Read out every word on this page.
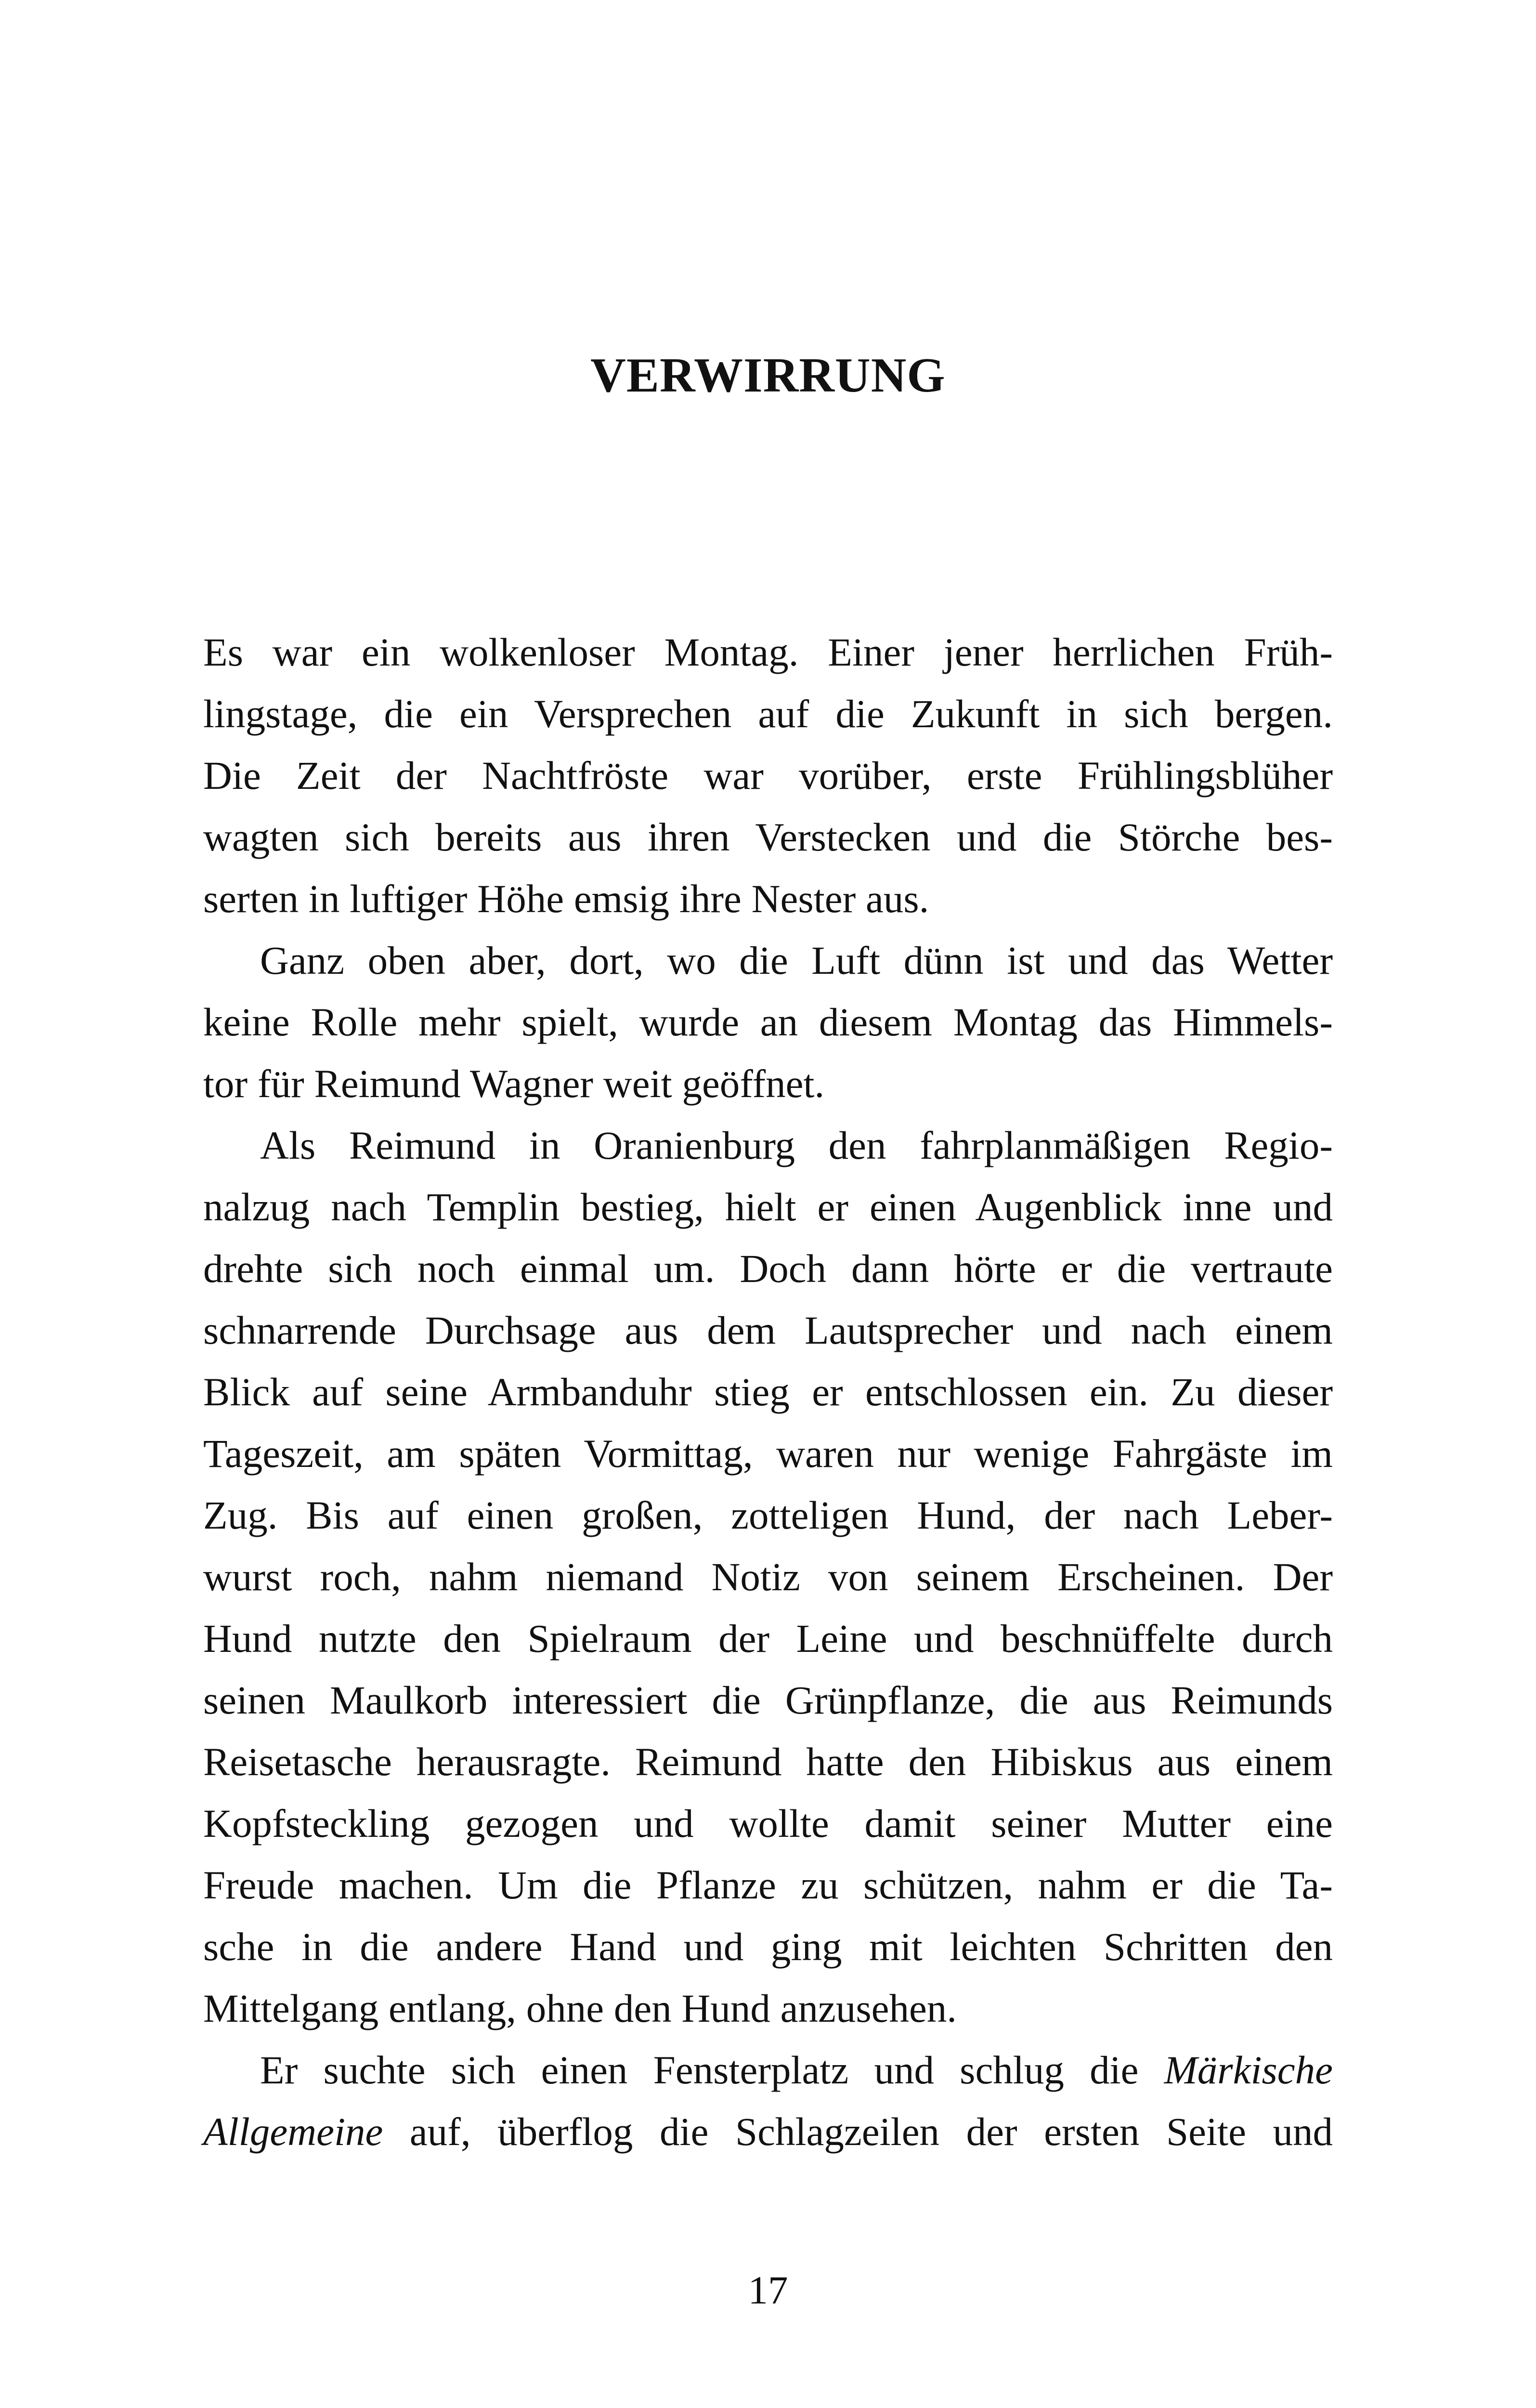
VERWIRRUNG
Es war ein wolkenloser Montag. Einer jener herrlichen Früh-
lingstage, die ein Versprechen auf die Zukunft in sich bergen.
Die Zeit der Nachtfröste war vorüber, erste Frühlingsblüher
wagten sich bereits aus ihren Verstecken und die Störche bes-
serten in luftiger Höhe emsig ihre Nester aus.
Ganz oben aber, dort, wo die Luft dünn ist und das Wetter
keine Rolle mehr spielt, wurde an diesem Montag das Himmels-
tor für Reimund Wagner weit geöffnet.
Als Reimund in Oranienburg den fahrplanmäßigen Regio-
nalzug nach Templin bestieg, hielt er einen Augenblick inne und
drehte sich noch einmal um. Doch dann hörte er die vertraute
schnarrende Durchsage aus dem Lautsprecher und nach einem
Blick auf seine Armbanduhr stieg er entschlossen ein. Zu dieser
Tageszeit, am späten Vormittag, waren nur wenige Fahrgäste im
Zug. Bis auf einen großen, zotteligen Hund, der nach Leber-
wurst roch, nahm niemand Notiz von seinem Erscheinen. Der
Hund nutzte den Spielraum der Leine und beschnüffelte durch
seinen Maulkorb interessiert die Grünpflanze, die aus Reimunds
Reisetasche herausragte. Reimund hatte den Hibiskus aus einem
Kopfsteckling gezogen und wollte damit seiner Mutter eine
Freude machen. Um die Pflanze zu schützen, nahm er die Ta-
sche in die andere Hand und ging mit leichten Schritten den
Mittelgang entlang, ohne den Hund anzusehen.
Er suchte sich einen Fensterplatz und schlug die Märkische
Allgemeine auf, überflog die Schlagzeilen der ersten Seite und
17
